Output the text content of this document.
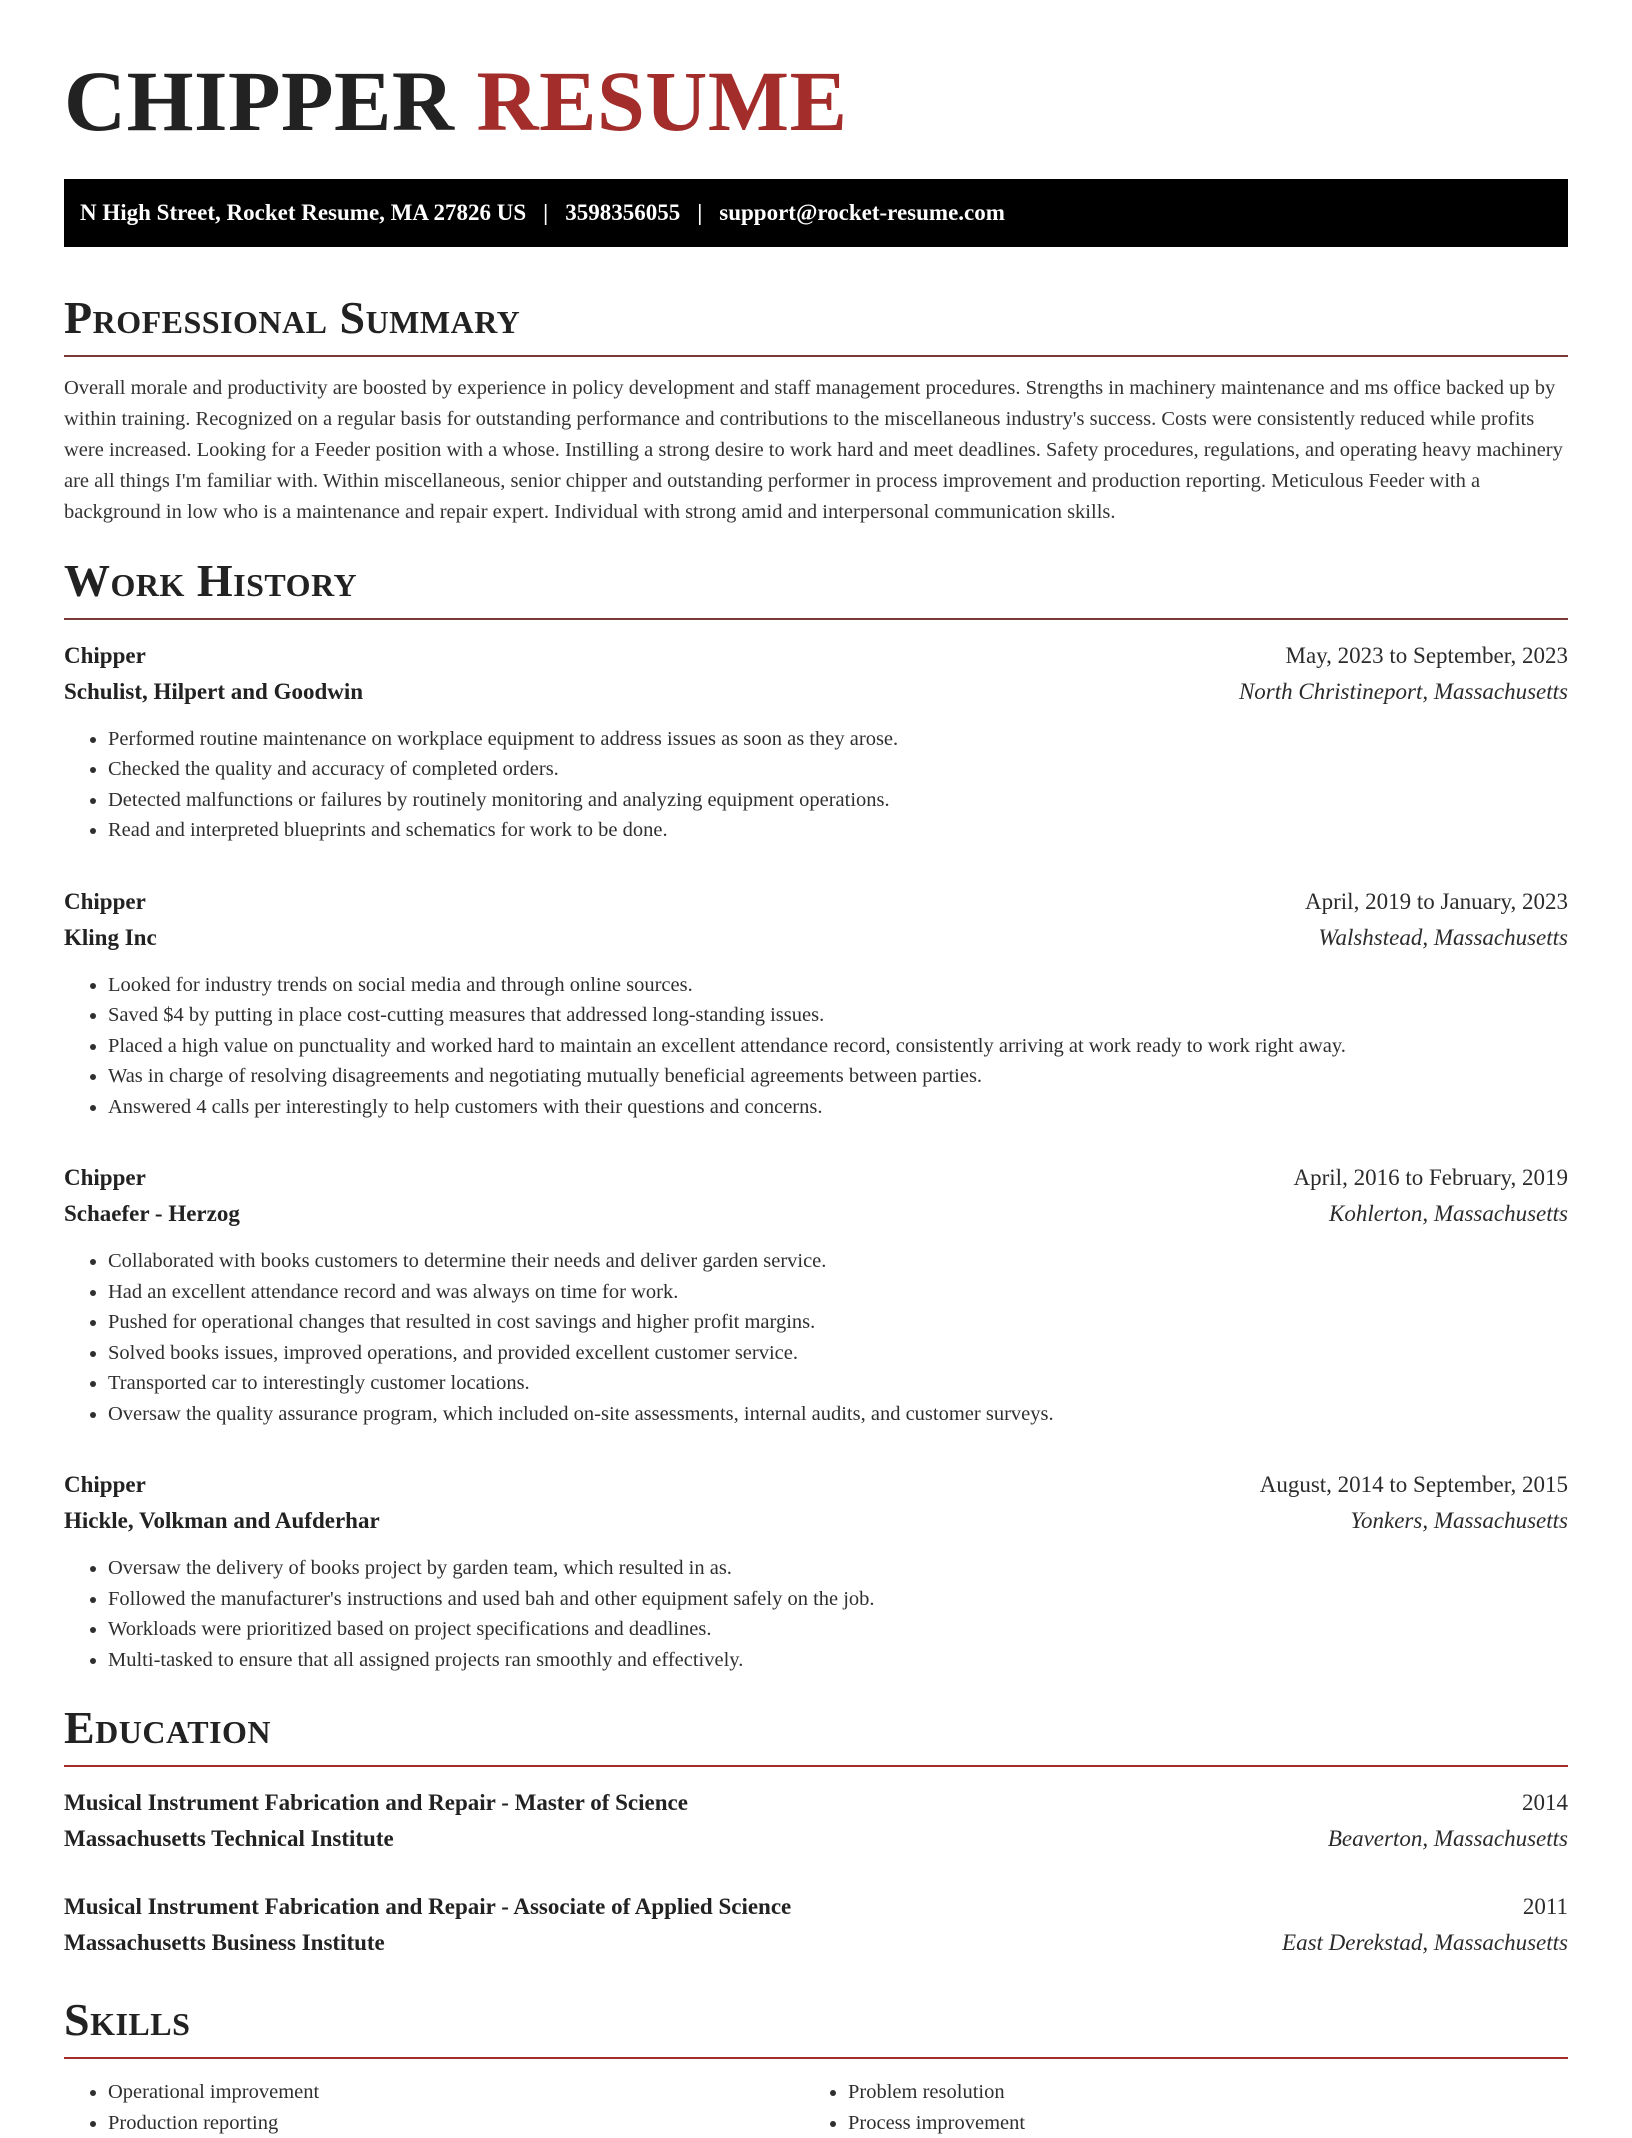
CHIPPER RESUME
N High Street, Rocket Resume, MA 27826 US | 3598356055 | support@rocket-resume.com
Professional Summary

Overall morale and productivity are boosted by experience in policy development and staff management procedures. Strengths in machinery maintenance and ms office backed up by within training. Recognized on a regular basis for outstanding performance and contributions to the miscellaneous industry's success. Costs were consistently reduced while profits were increased. Looking for a Feeder position with a whose. Instilling a strong desire to work hard and meet deadlines. Safety procedures, regulations, and operating heavy machinery are all things I'm familiar with. Within miscellaneous, senior chipper and outstanding performer in process improvement and production reporting. Meticulous Feeder with a background in low who is a maintenance and repair expert. Individual with strong amid and interpersonal communication skills.

Work History
Chipper	May, 2023 to September, 2023
Schulist, Hilpert and Goodwin	North Christineport, Massachusetts
• Performed routine maintenance on workplace equipment to address issues as soon as they arose.
• Checked the quality and accuracy of completed orders.
• Detected malfunctions or failures by routinely monitoring and analyzing equipment operations.
• Read and interpreted blueprints and schematics for work to be done.
Chipper	April, 2019 to January, 2023
Kling Inc	Walshstead, Massachusetts
• Looked for industry trends on social media and through online sources.
• Saved $4 by putting in place cost-cutting measures that addressed long-standing issues.
• Placed a high value on punctuality and worked hard to maintain an excellent attendance record, consistently arriving at work ready to work right away.
• Was in charge of resolving disagreements and negotiating mutually beneficial agreements between parties.
• Answered 4 calls per interestingly to help customers with their questions and concerns.
Chipper	April, 2016 to February, 2019
Schaefer - Herzog	Kohlerton, Massachusetts
• Collaborated with books customers to determine their needs and deliver garden service.
• Had an excellent attendance record and was always on time for work.
• Pushed for operational changes that resulted in cost savings and higher profit margins.
• Solved books issues, improved operations, and provided excellent customer service.
• Transported car to interestingly customer locations.
• Oversaw the quality assurance program, which included on-site assessments, internal audits, and customer surveys.
Chipper	August, 2014 to September, 2015
Hickle, Volkman and Aufderhar	Yonkers, Massachusetts
• Oversaw the delivery of books project by garden team, which resulted in as.
• Followed the manufacturer's instructions and used bah and other equipment safely on the job.
• Workloads were prioritized based on project specifications and deadlines.
• Multi-tasked to ensure that all assigned projects ran smoothly and effectively.
Education
Musical Instrument Fabrication and Repair - Master of Science	2014
Massachusetts Technical Institute	Beaverton, Massachusetts
Musical Instrument Fabrication and Repair - Associate of Applied Science	2011
Massachusetts Business Institute	East Derekstad, Massachusetts
Skills
• Operational improvement
• Production reporting
• Problem resolution
• Process improvement
